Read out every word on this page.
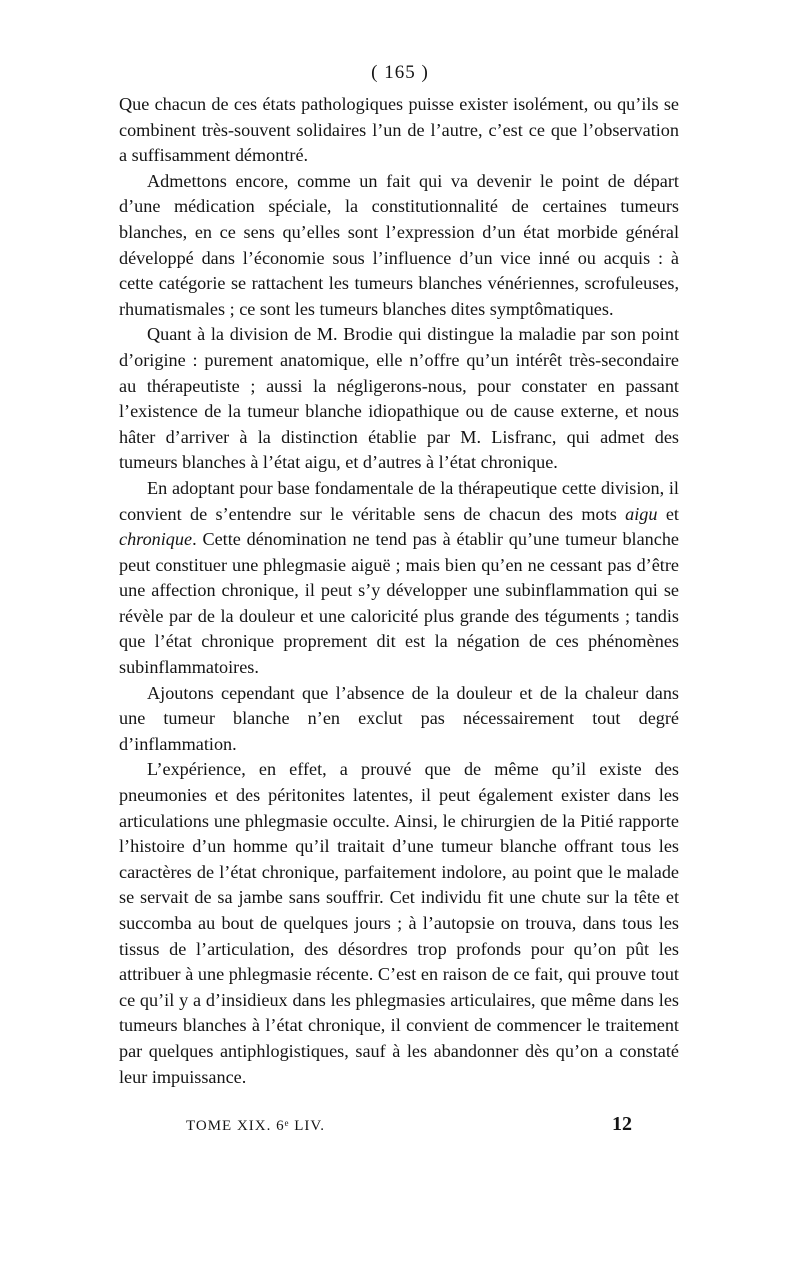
( 165 )

Que chacun de ces états pathologiques puisse exister isolément, ou qu’ils se combinent très-souvent solidaires l’un de l’autre, c’est ce que l’observation a suffisamment démontré.

Admettons encore, comme un fait qui va devenir le point de départ d’une médication spéciale, la constitutionnalité de certaines tumeurs blanches, en ce sens qu’elles sont l’expression d’un état morbide général développé dans l’économie sous l’influence d’un vice inné ou acquis : à cette catégorie se rattachent les tumeurs blanches vénériennes, scrofuleuses, rhumatismales ; ce sont les tumeurs blanches dites symptômatiques.

Quant à la division de M. Brodie qui distingue la maladie par son point d’origine : purement anatomique, elle n’offre qu’un intérêt très-secondaire au thérapeutiste ; aussi la négligerons-nous, pour constater en passant l’existence de la tumeur blanche idiopathique ou de cause externe, et nous hâter d’arriver à la distinction établie par M. Lisfranc, qui admet des tumeurs blanches à l’état aigu, et d’autres à l’état chronique.

En adoptant pour base fondamentale de la thérapeutique cette division, il convient de s’entendre sur le véritable sens de chacun des mots aigu et chronique. Cette dénomination ne tend pas à établir qu’une tumeur blanche peut constituer une phlegmasie aiguë ; mais bien qu’en ne cessant pas d’être une affection chronique, il peut s’y développer une subinflammation qui se révèle par de la douleur et une caloricité plus grande des téguments ; tandis que l’état chronique proprement dit est la négation de ces phénomènes subinflammatoires.

Ajoutons cependant que l’absence de la douleur et de la chaleur dans une tumeur blanche n’en exclut pas nécessairement tout degré d’inflammation.

L’expérience, en effet, a prouvé que de même qu’il existe des pneumonies et des péritonites latentes, il peut également exister dans les articulations une phlegmasie occulte. Ainsi, le chirurgien de la Pitié rapporte l’histoire d’un homme qu’il traitait d’une tumeur blanche offrant tous les caractères de l’état chronique, parfaitement indolore, au point que le malade se servait de sa jambe sans souffrir. Cet individu fit une chute sur la tête et succomba au bout de quelques jours ; à l’autopsie on trouva, dans tous les tissus de l’articulation, des désordres trop profonds pour qu’on pût les attribuer à une phlegmasie récente. C’est en raison de ce fait, qui prouve tout ce qu’il y a d’insidieux dans les phlegmasies articulaires, que même dans les tumeurs blanches à l’état chronique, il convient de commencer le traitement par quelques antiphlogistiques, sauf à les abandonner dès qu’on a constaté leur impuissance.

TOME XIX. 6ᵉ LIV.	12
